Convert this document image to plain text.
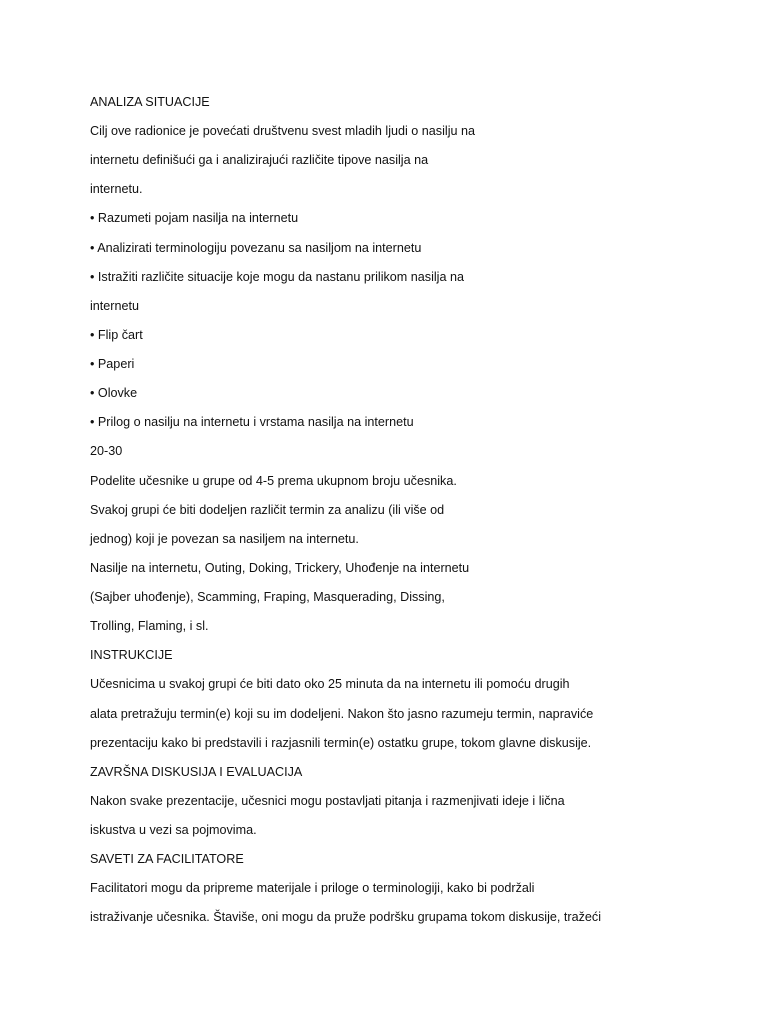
ANALIZA SITUACIJE
Cilj ove radionice je povećati društvenu svest mladih ljudi o nasilju na
internetu definišući ga i analizirajući različite tipove nasilja na
internetu.
• Razumeti pojam nasilja na internetu
• Analizirati terminologiju povezanu sa nasiljom na internetu
• Istražiti različite situacije koje mogu da nastanu prilikom nasilja na
internetu
• Flip čart
• Paperi
• Olovke
• Prilog o nasilju na internetu i vrstama nasilja na internetu
20-30
Podelite učesnike u grupe od 4-5 prema ukupnom broju učesnika.
Svakoj grupi će biti dodeljen različit termin za analizu (ili više od
jednog) koji je povezan sa nasiljem na internetu.
Nasilje na internetu, Outing, Doking, Trickery, Uhođenje na internetu
(Sajber uhođenje), Scamming, Fraping, Masquerading, Dissing,
Trolling, Flaming, i sl.
INSTRUKCIJE
Učesnicima u svakoj grupi će biti dato oko 25 minuta da na internetu ili pomoću drugih
alata pretražuju termin(e) koji su im dodeljeni. Nakon što jasno razumeju termin, napraviće
prezentaciju kako bi predstavili i razjasnili termin(e) ostatku grupe, tokom glavne diskusije.
ZAVRŠNA DISKUSIJA I EVALUACIJA
Nakon svake prezentacije, učesnici mogu postavljati pitanja i razmenjivati ideje i lična
iskustva u vezi sa pojmovima.
SAVETI ZA FACILITATORE
Facilitatori mogu da pripreme materijale i priloge o terminologiji, kako bi podržali
istraživanje učesnika. Štaviše, oni mogu da pruže podršku grupama tokom diskusije, tražeći
